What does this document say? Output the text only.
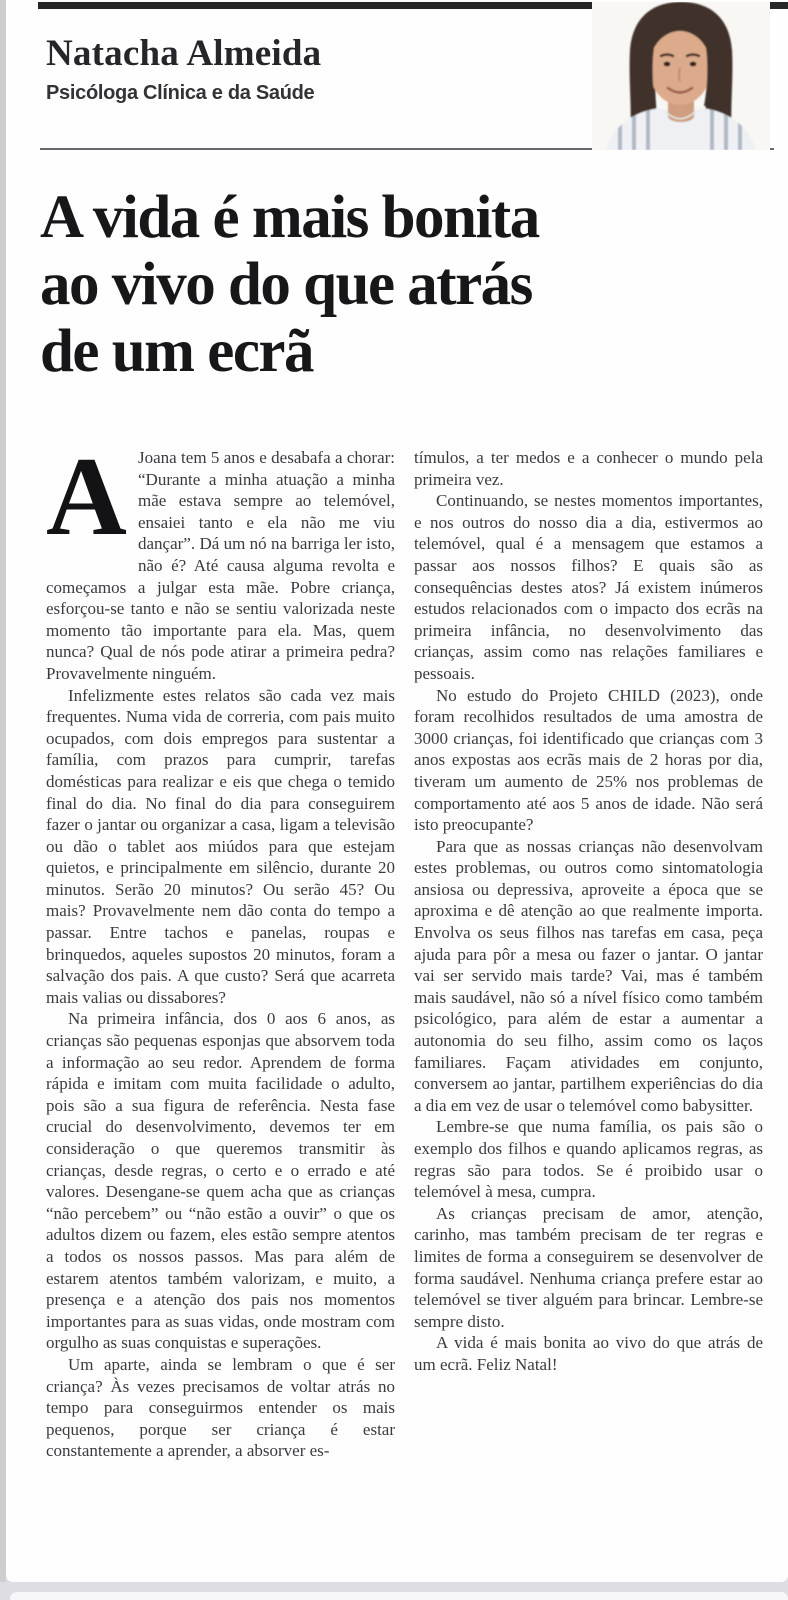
Natacha Almeida
Psicóloga Clínica e da Saúde
A vida é mais bonita
ao vivo do que atrás
de um ecrã

A Joana tem 5 anos e desabafa a chorar: “Durante a minha atuação a minha mãe estava sempre ao telemóvel, ensaiei tanto e ela não me viu dançar”. Dá um nó na barriga ler isto, não é? Até causa alguma revolta e começamos a julgar esta mãe. Pobre criança, esforçou-se tanto e não se sentiu valorizada neste momento tão importante para ela. Mas, quem nunca? Qual de nós pode atirar a primeira pedra? Provavelmente ninguém.

Infelizmente estes relatos são cada vez mais frequentes. Numa vida de correria, com pais muito ocupados, com dois empregos para sustentar a família, com prazos para cumprir, tarefas domésticas para realizar e eis que chega o temido final do dia. No final do dia para conseguirem fazer o jantar ou organizar a casa, ligam a televisão ou dão o tablet aos miúdos para que estejam quietos, e principalmente em silêncio, durante 20 minutos. Serão 20 minutos? Ou serão 45? Ou mais? Provavelmente nem dão conta do tempo a passar. Entre tachos e panelas, roupas e brinquedos, aqueles supostos 20 minutos, foram a salvação dos pais. A que custo? Será que acarreta mais valias ou dissabores?

Na primeira infância, dos 0 aos 6 anos, as crianças são pequenas esponjas que absorvem toda a informação ao seu redor. Aprendem de forma rápida e imitam com muita facilidade o adulto, pois são a sua figura de referência. Nesta fase crucial do desenvolvimento, devemos ter em consideração o que queremos transmitir às crianças, desde regras, o certo e o errado e até valores. Desengane-se quem acha que as crianças “não percebem” ou “não estão a ouvir” o que os adultos dizem ou fazem, eles estão sempre atentos a todos os nossos passos. Mas para além de estarem atentos também valorizam, e muito, a presença e a atenção dos pais nos momentos importantes para as suas vidas, onde mostram com orgulho as suas conquistas e superações.

Um aparte, ainda se lembram o que é ser criança? Às vezes precisamos de voltar atrás no tempo para conseguirmos entender os mais pequenos, porque ser criança é estar constantemente a aprender, a absorver es-

tímulos, a ter medos e a conhecer o mundo pela primeira vez.

Continuando, se nestes momentos importantes, e nos outros do nosso dia a dia, estivermos ao telemóvel, qual é a mensagem que estamos a passar aos nossos filhos? E quais são as consequências destes atos? Já existem inúmeros estudos relacionados com o impacto dos ecrãs na primeira infância, no desenvolvimento das crianças, assim como nas relações familiares e pessoais.

No estudo do Projeto CHILD (2023), onde foram recolhidos resultados de uma amostra de 3000 crianças, foi identificado que crianças com 3 anos expostas aos ecrãs mais de 2 horas por dia, tiveram um aumento de 25% nos problemas de comportamento até aos 5 anos de idade. Não será isto preocupante?

Para que as nossas crianças não desenvolvam estes problemas, ou outros como sintomatologia ansiosa ou depressiva, aproveite a época que se aproxima e dê atenção ao que realmente importa. Envolva os seus filhos nas tarefas em casa, peça ajuda para pôr a mesa ou fazer o jantar. O jantar vai ser servido mais tarde? Vai, mas é também mais saudável, não só a nível físico como também psicológico, para além de estar a aumentar a autonomia do seu filho, assim como os laços familiares. Façam atividades em conjunto, conversem ao jantar, partilhem experiências do dia a dia em vez de usar o telemóvel como babysitter.

Lembre-se que numa família, os pais são o exemplo dos filhos e quando aplicamos regras, as regras são para todos. Se é proibido usar o telemóvel à mesa, cumpra.

As crianças precisam de amor, atenção, carinho, mas também precisam de ter regras e limites de forma a conseguirem se desenvolver de forma saudável. Nenhuma criança prefere estar ao telemóvel se tiver alguém para brincar. Lembre-se sempre disto.

A vida é mais bonita ao vivo do que atrás de um ecrã. Feliz Natal!
